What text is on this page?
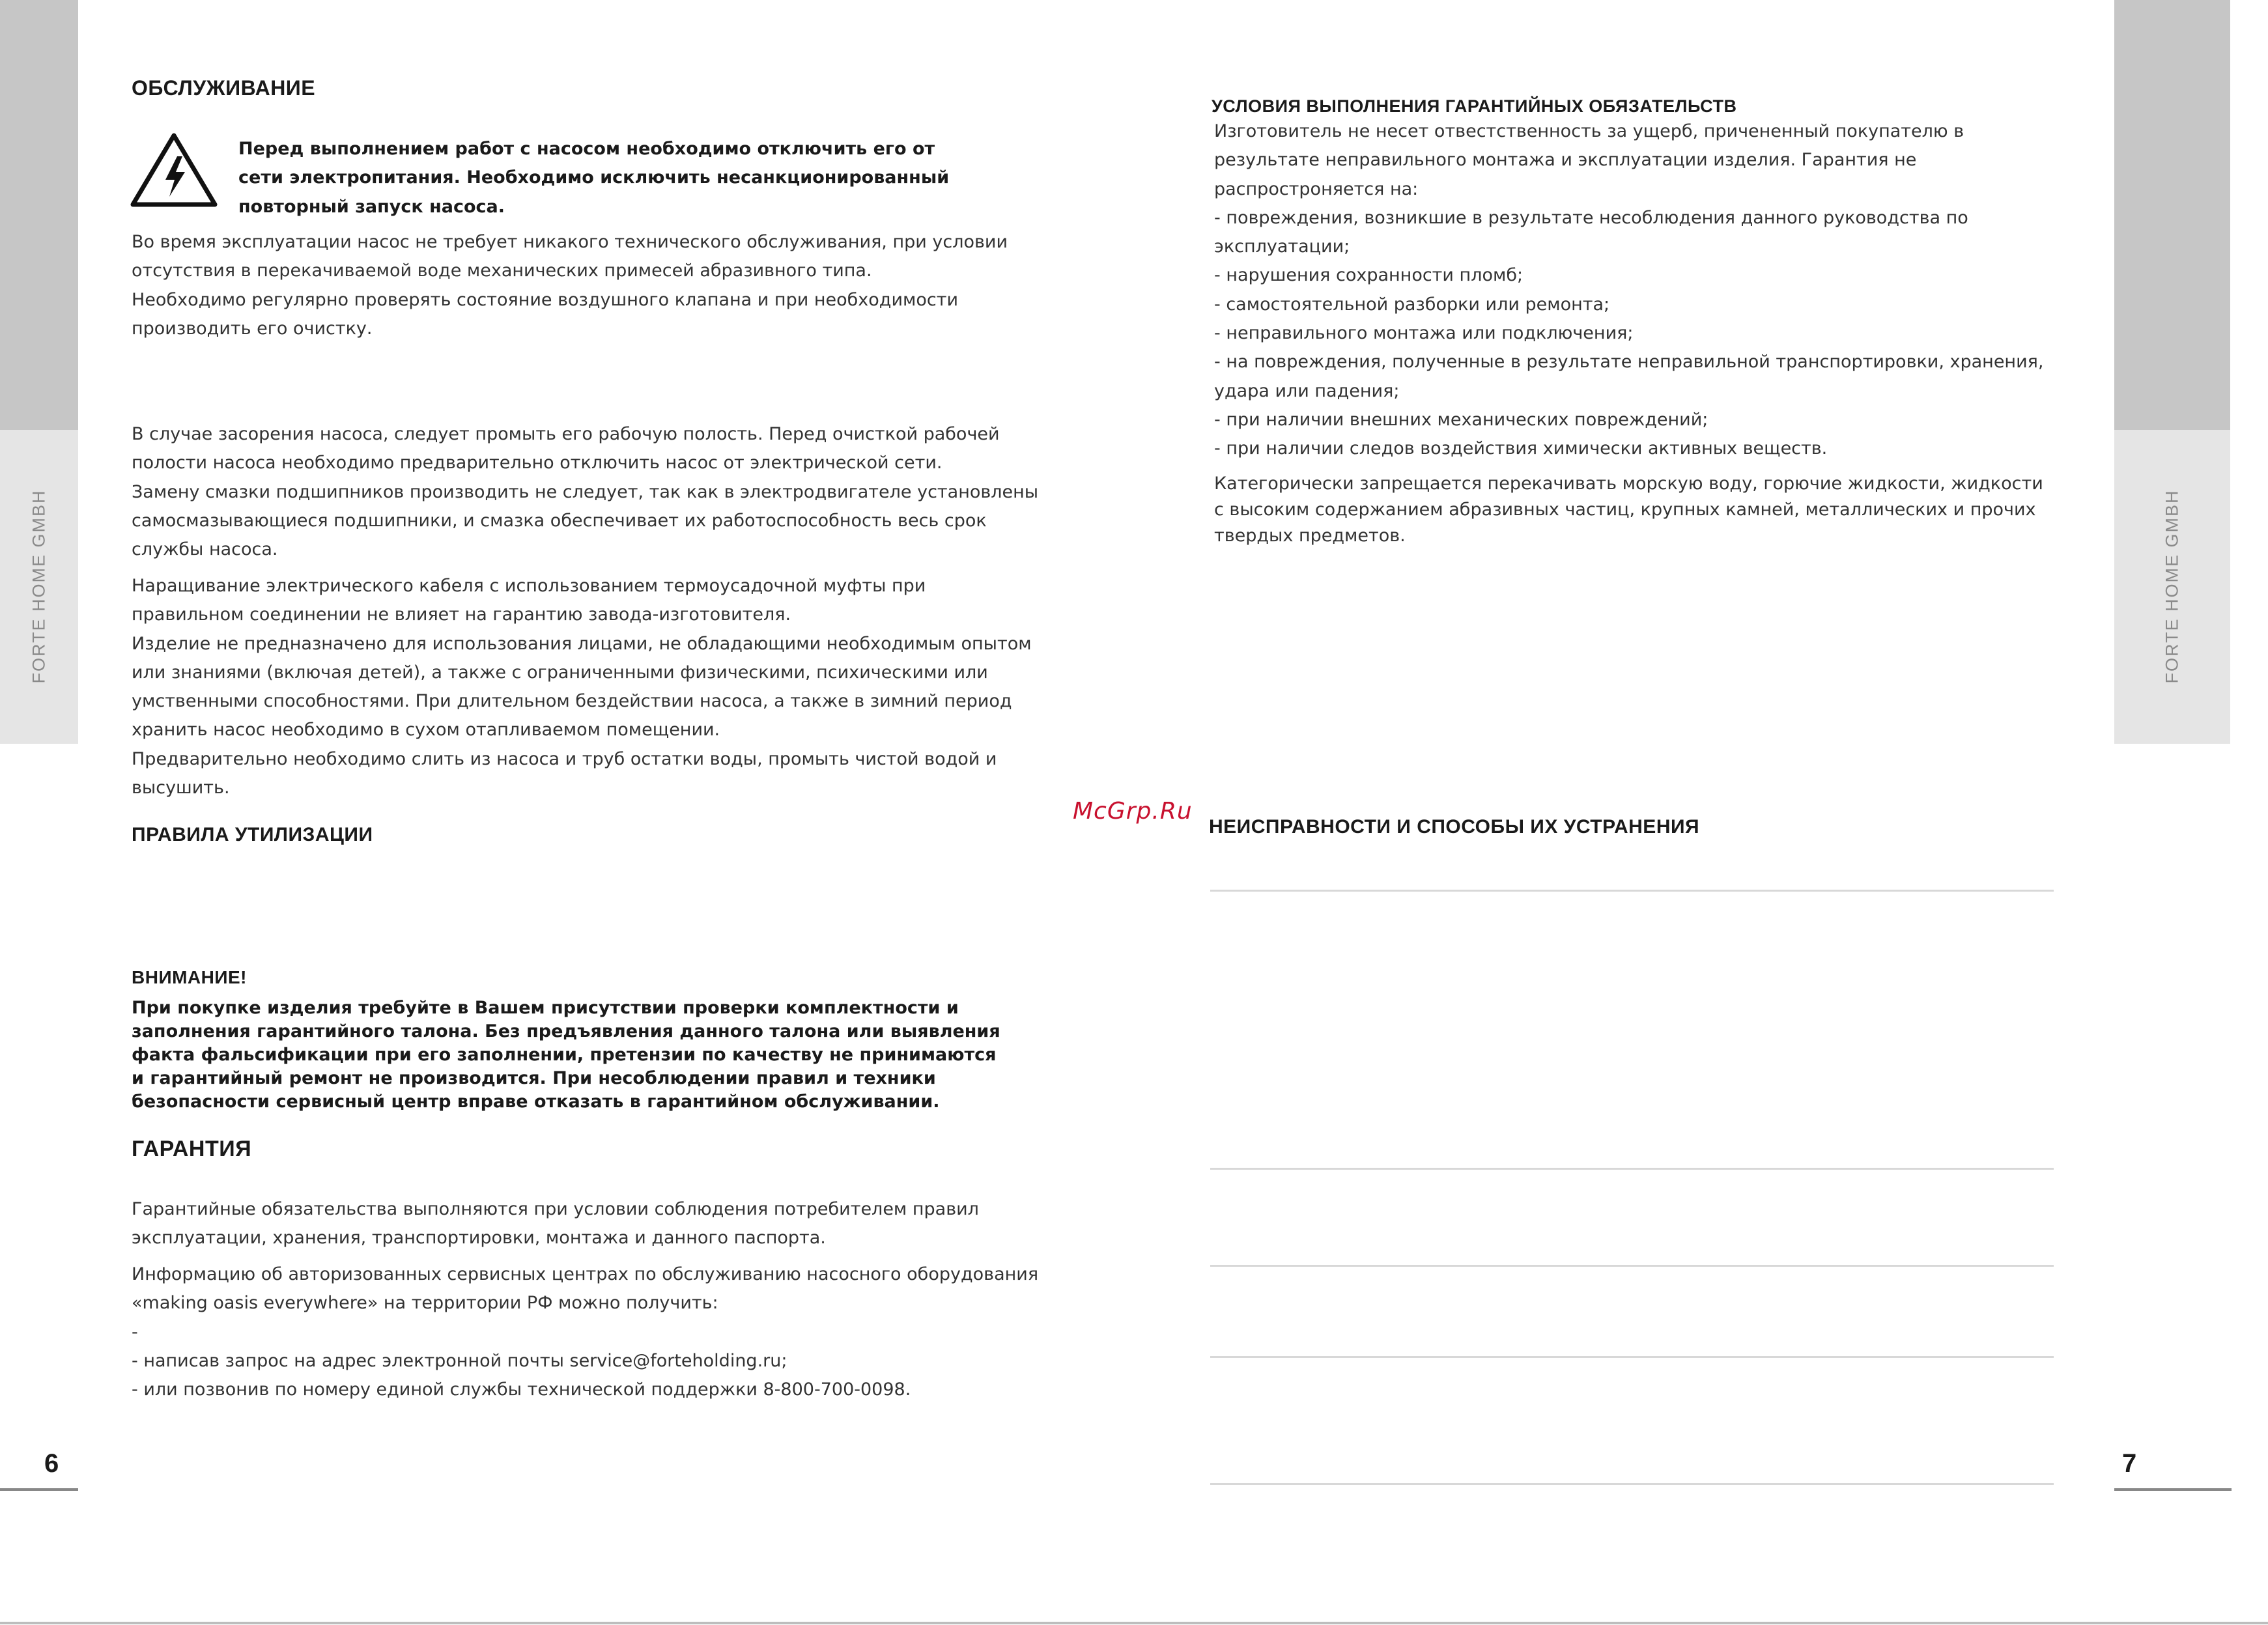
FORTE HOME GMBH
6
FORTE HOME GMBH
7
ОБСЛУЖИВАНИЕ

Перед выполнением работ с насосом необходимо отключить его от

сети электропитания. Необходимо исключить несанкционированный

повторный запуск насоса.

Во время эксплуатации насос не требует никакого технического обслуживания, при условии

отсутствия в перекачиваемой воде механических примесей абразивного типа.

Необходимо регулярно проверять состояние воздушного клапана и при необходимости

производить его очистку.

В случае засорения насоса, следует промыть его рабочую полость. Перед очисткой рабочей

полости насоса необходимо предварительно отключить насос от электрической сети.

Замену смазки подшипников производить не следует, так как в электродвигателе установлены

самосмазывающиеся подшипники, и смазка обеспечивает их работоспособность весь срок

службы насоса.

Наращивание электрического кабеля с использованием термоусадочной муфты при

правильном соединении не влияет на гарантию завода-изготовителя.

Изделие не предназначено для использования лицами, не обладающими необходимым опытом

или знаниями (включая детей), а также с ограниченными физическими, психическими или

умственными способностями. При длительном бездействии насоса, а также в зимний период

хранить насос необходимо в сухом отапливаемом помещении.

Предварительно необходимо слить из насоса и труб остатки воды, промыть чистой водой и

высушить.

ПРАВИЛА УТИЛИЗАЦИИ
ВНИМАНИЕ!

При покупке изделия требуйте в Вашем присутствии проверки комплектности и

заполнения гарантийного талона. Без предъявления данного талона или выявления

факта фальсификации при его заполнении, претензии по качеству не принимаются

и гарантийный ремонт не производится. При несоблюдении правил и техники

безопасности сервисный центр вправе отказать в гарантийном обслуживании.

ГАРАНТИЯ

Гарантийные обязательства выполняются при условии соблюдения потребителем правил

эксплуатации, хранения, транспортировки, монтажа и данного паспорта.

Информацию об авторизованных сервисных центрах по обслуживанию насосного оборудования

«making oasis everywhere» на территории РФ можно получить:

-

- написав запрос на адрес электронной почты service@forteholding.ru;

- или позвонив по номеру единой службы технической поддержки 8-800-700-0098.

УСЛОВИЯ ВЫПОЛНЕНИЯ ГАРАНТИЙНЫХ ОБЯЗАТЕЛЬСТВ

Изготовитель не несет отвестственность за ущерб, причененный покупателю в

результате неправильного монтажа и эксплуатации изделия. Гарантия не

распростроняется на:

- повреждения, возникшие в результате несоблюдения данного руководства по

эксплуатации;

- нарушения сохранности пломб;

- самостоятельной разборки или ремонта;

- неправильного монтажа или подключения;

- на повреждения, полученные в результате неправильной транспортировки, хранения,

удара или падения;

- при наличии внешних механических повреждений;

- при наличии следов воздействия химически активных веществ.

Категорически запрещается перекачивать морскую воду, горючие жидкости, жидкости

с высоким содержанием абразивных частиц, крупных камней, металлических и прочих

твердых предметов.

McGrp.Ru
НЕИСПРАВНОСТИ И СПОСОБЫ ИХ УСТРАНЕНИЯ
